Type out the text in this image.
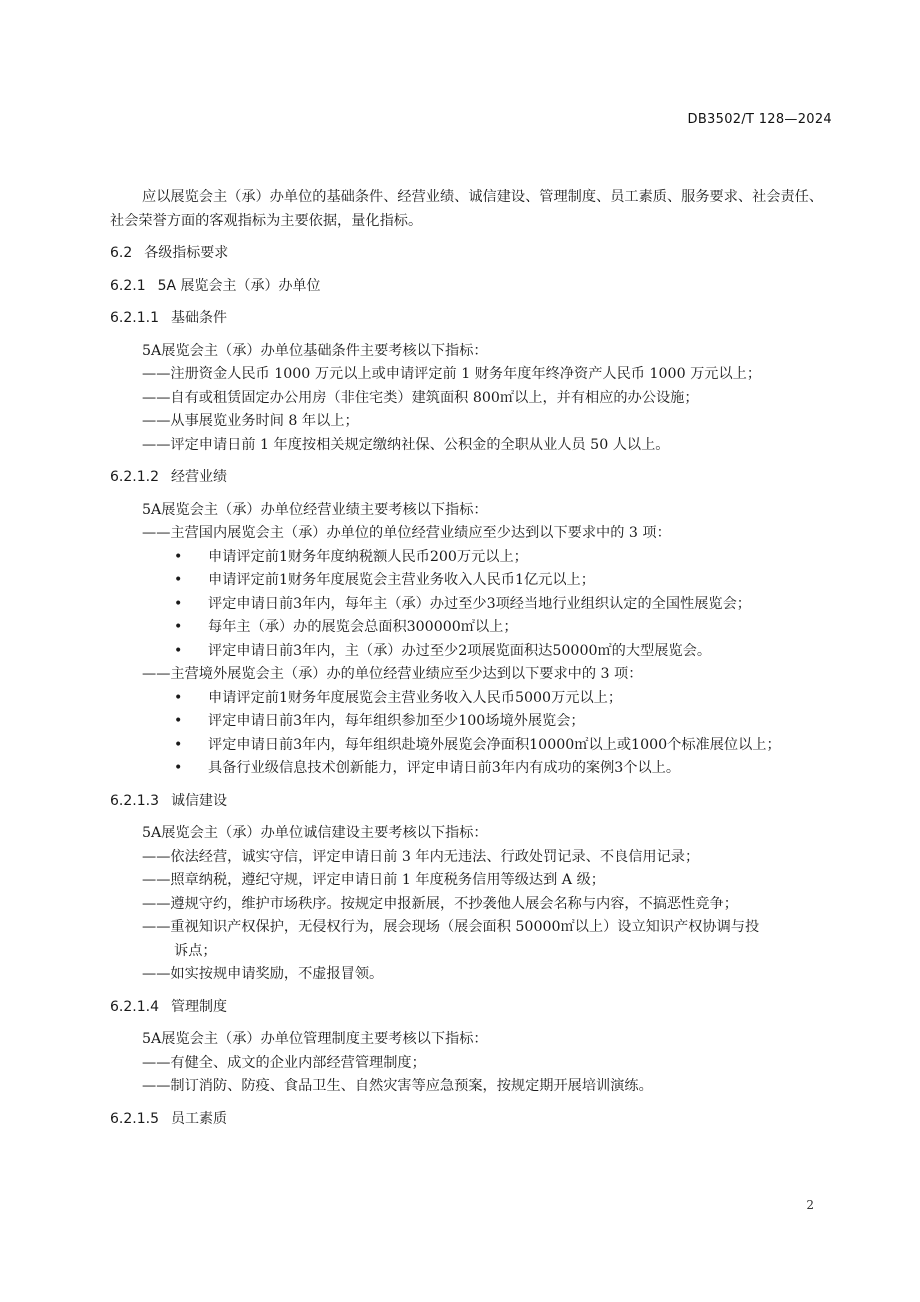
DB3502/T 128—2024

应以展览会主（承）办单位的基础条件、经营业绩、诚信建设、管理制度、员工素质、服务要求、社会责任、社会荣誉方面的客观指标为主要依据，量化指标。

6.2 各级指标要求

6.2.1 5A 展览会主（承）办单位

6.2.1.1 基础条件

5A展览会主（承）办单位基础条件主要考核以下指标：

——注册资金人民币 1000 万元以上或申请评定前 1 财务年度年终净资产人民币 1000 万元以上；

——自有或租赁固定办公用房（非住宅类）建筑面积 800㎡以上，并有相应的办公设施；

——从事展览业务时间 8 年以上；

——评定申请日前 1 年度按相关规定缴纳社保、公积金的全职从业人员 50 人以上。

6.2.1.2 经营业绩

5A展览会主（承）办单位经营业绩主要考核以下指标：

——主营国内展览会主（承）办单位的单位经营业绩应至少达到以下要求中的 3 项：

• 申请评定前1财务年度纳税额人民币200万元以上；
• 申请评定前1财务年度展览会主营业务收入人民币1亿元以上；
• 评定申请日前3年内，每年主（承）办过至少3项经当地行业组织认定的全国性展览会；
• 每年主（承）办的展览会总面积300000㎡以上；
• 评定申请日前3年内，主（承）办过至少2项展览面积达50000㎡的大型展览会。

——主营境外展览会主（承）办的单位经营业绩应至少达到以下要求中的 3 项：

• 申请评定前1财务年度展览会主营业务收入人民币5000万元以上；
• 评定申请日前3年内，每年组织参加至少100场境外展览会；
• 评定申请日前3年内，每年组织赴境外展览会净面积10000㎡以上或1000个标准展位以上；
• 具备行业级信息技术创新能力，评定申请日前3年内有成功的案例3个以上。

6.2.1.3 诚信建设

5A展览会主（承）办单位诚信建设主要考核以下指标：

——依法经营，诚实守信，评定申请日前 3 年内无违法、行政处罚记录、不良信用记录；

——照章纳税，遵纪守规，评定申请日前 1 年度税务信用等级达到 A 级；

——遵规守约，维护市场秩序。按规定申报新展，不抄袭他人展会名称与内容，不搞恶性竞争；

——重视知识产权保护，无侵权行为，展会现场（展会面积 50000㎡以上）设立知识产权协调与投

诉点；

——如实按规申请奖励，不虚报冒领。

6.2.1.4 管理制度

5A展览会主（承）办单位管理制度主要考核以下指标：

——有健全、成文的企业内部经营管理制度；

——制订消防、防疫、食品卫生、自然灾害等应急预案，按规定期开展培训演练。

6.2.1.5 员工素质

2
